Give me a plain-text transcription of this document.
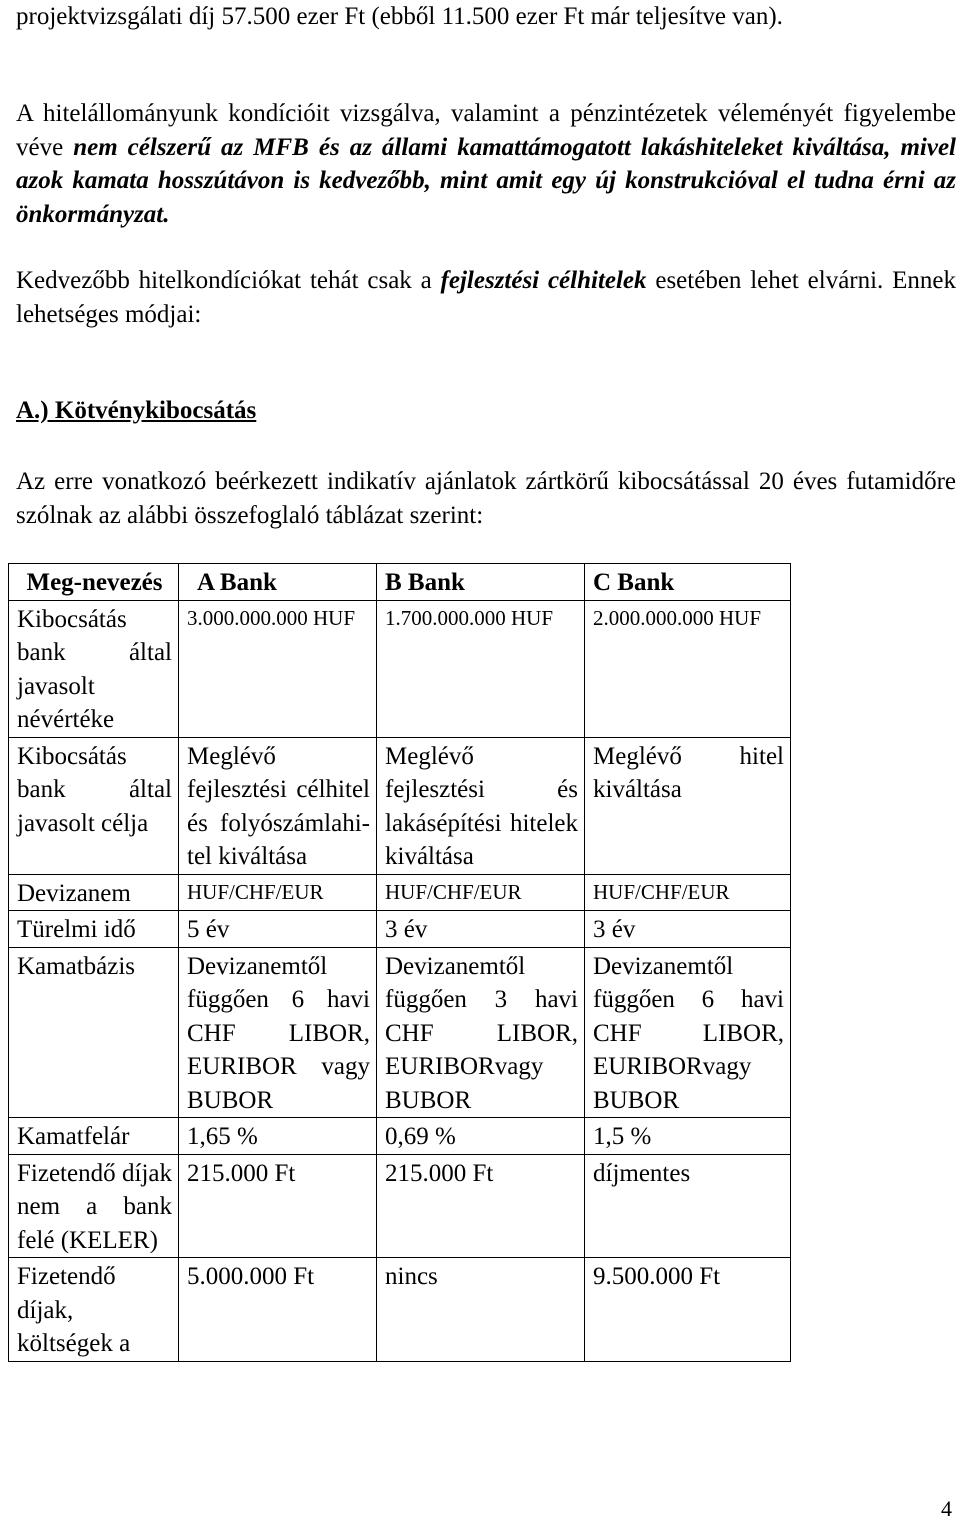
projektvizsgálati díj 57.500 ezer Ft (ebből 11.500 ezer Ft már teljesítve van).

A hitelállományunk kondícióit vizsgálva, valamint a pénzintézetek véleményét figyelembe véve nem célszerű az MFB és az állami kamattámogatott lakáshiteleket kiváltása, mivel azok kamata hosszútávon is kedvezőbb, mint amit egy új konstrukcióval el tudna érni az önkormányzat.

Kedvezőbb hitelkondíciókat tehát csak a fejlesztési célhitelek esetében lehet elvárni. Ennek lehetséges módjai:

A.) Kötvénykibocsátás

Az erre vonatkozó beérkezett indikatív ajánlatok zártkörű kibocsátással 20 éves futamidőre szólnak az alábbi összefoglaló táblázat szerint:

Meg-nevezés	A Bank	B Bank	C Bank
Kibocsátás bank által javasolt névértéke	3.000.000.000 HUF	1.700.000.000 HUF	2.000.000.000 HUF
Kibocsátás bank által javasolt célja	Meglévő fejlesztési célhitel és folyószámlahi-tel kiváltása	Meglévő fejlesztési és lakásépítési hitelek kiváltása	Meglévő hitel kiváltása
Devizanem	HUF/CHF/EUR	HUF/CHF/EUR	HUF/CHF/EUR
Türelmi idő	5 év	3 év	3 év
Kamatbázis	Devizanemtől függően 6 havi CHF LIBOR, EURIBOR vagy BUBOR	Devizanemtől függően 3 havi CHF LIBOR, EURIBORvagy BUBOR	Devizanemtől függően 6 havi CHF LIBOR, EURIBORvagy BUBOR
Kamatfelár	1,65 %	0,69 %	1,5 %
Fizetendő díjak nem a bank felé (KELER)	215.000 Ft	215.000 Ft	díjmentes
Fizetendő díjak, költségek a	5.000.000 Ft	nincs	9.500.000 Ft

4
